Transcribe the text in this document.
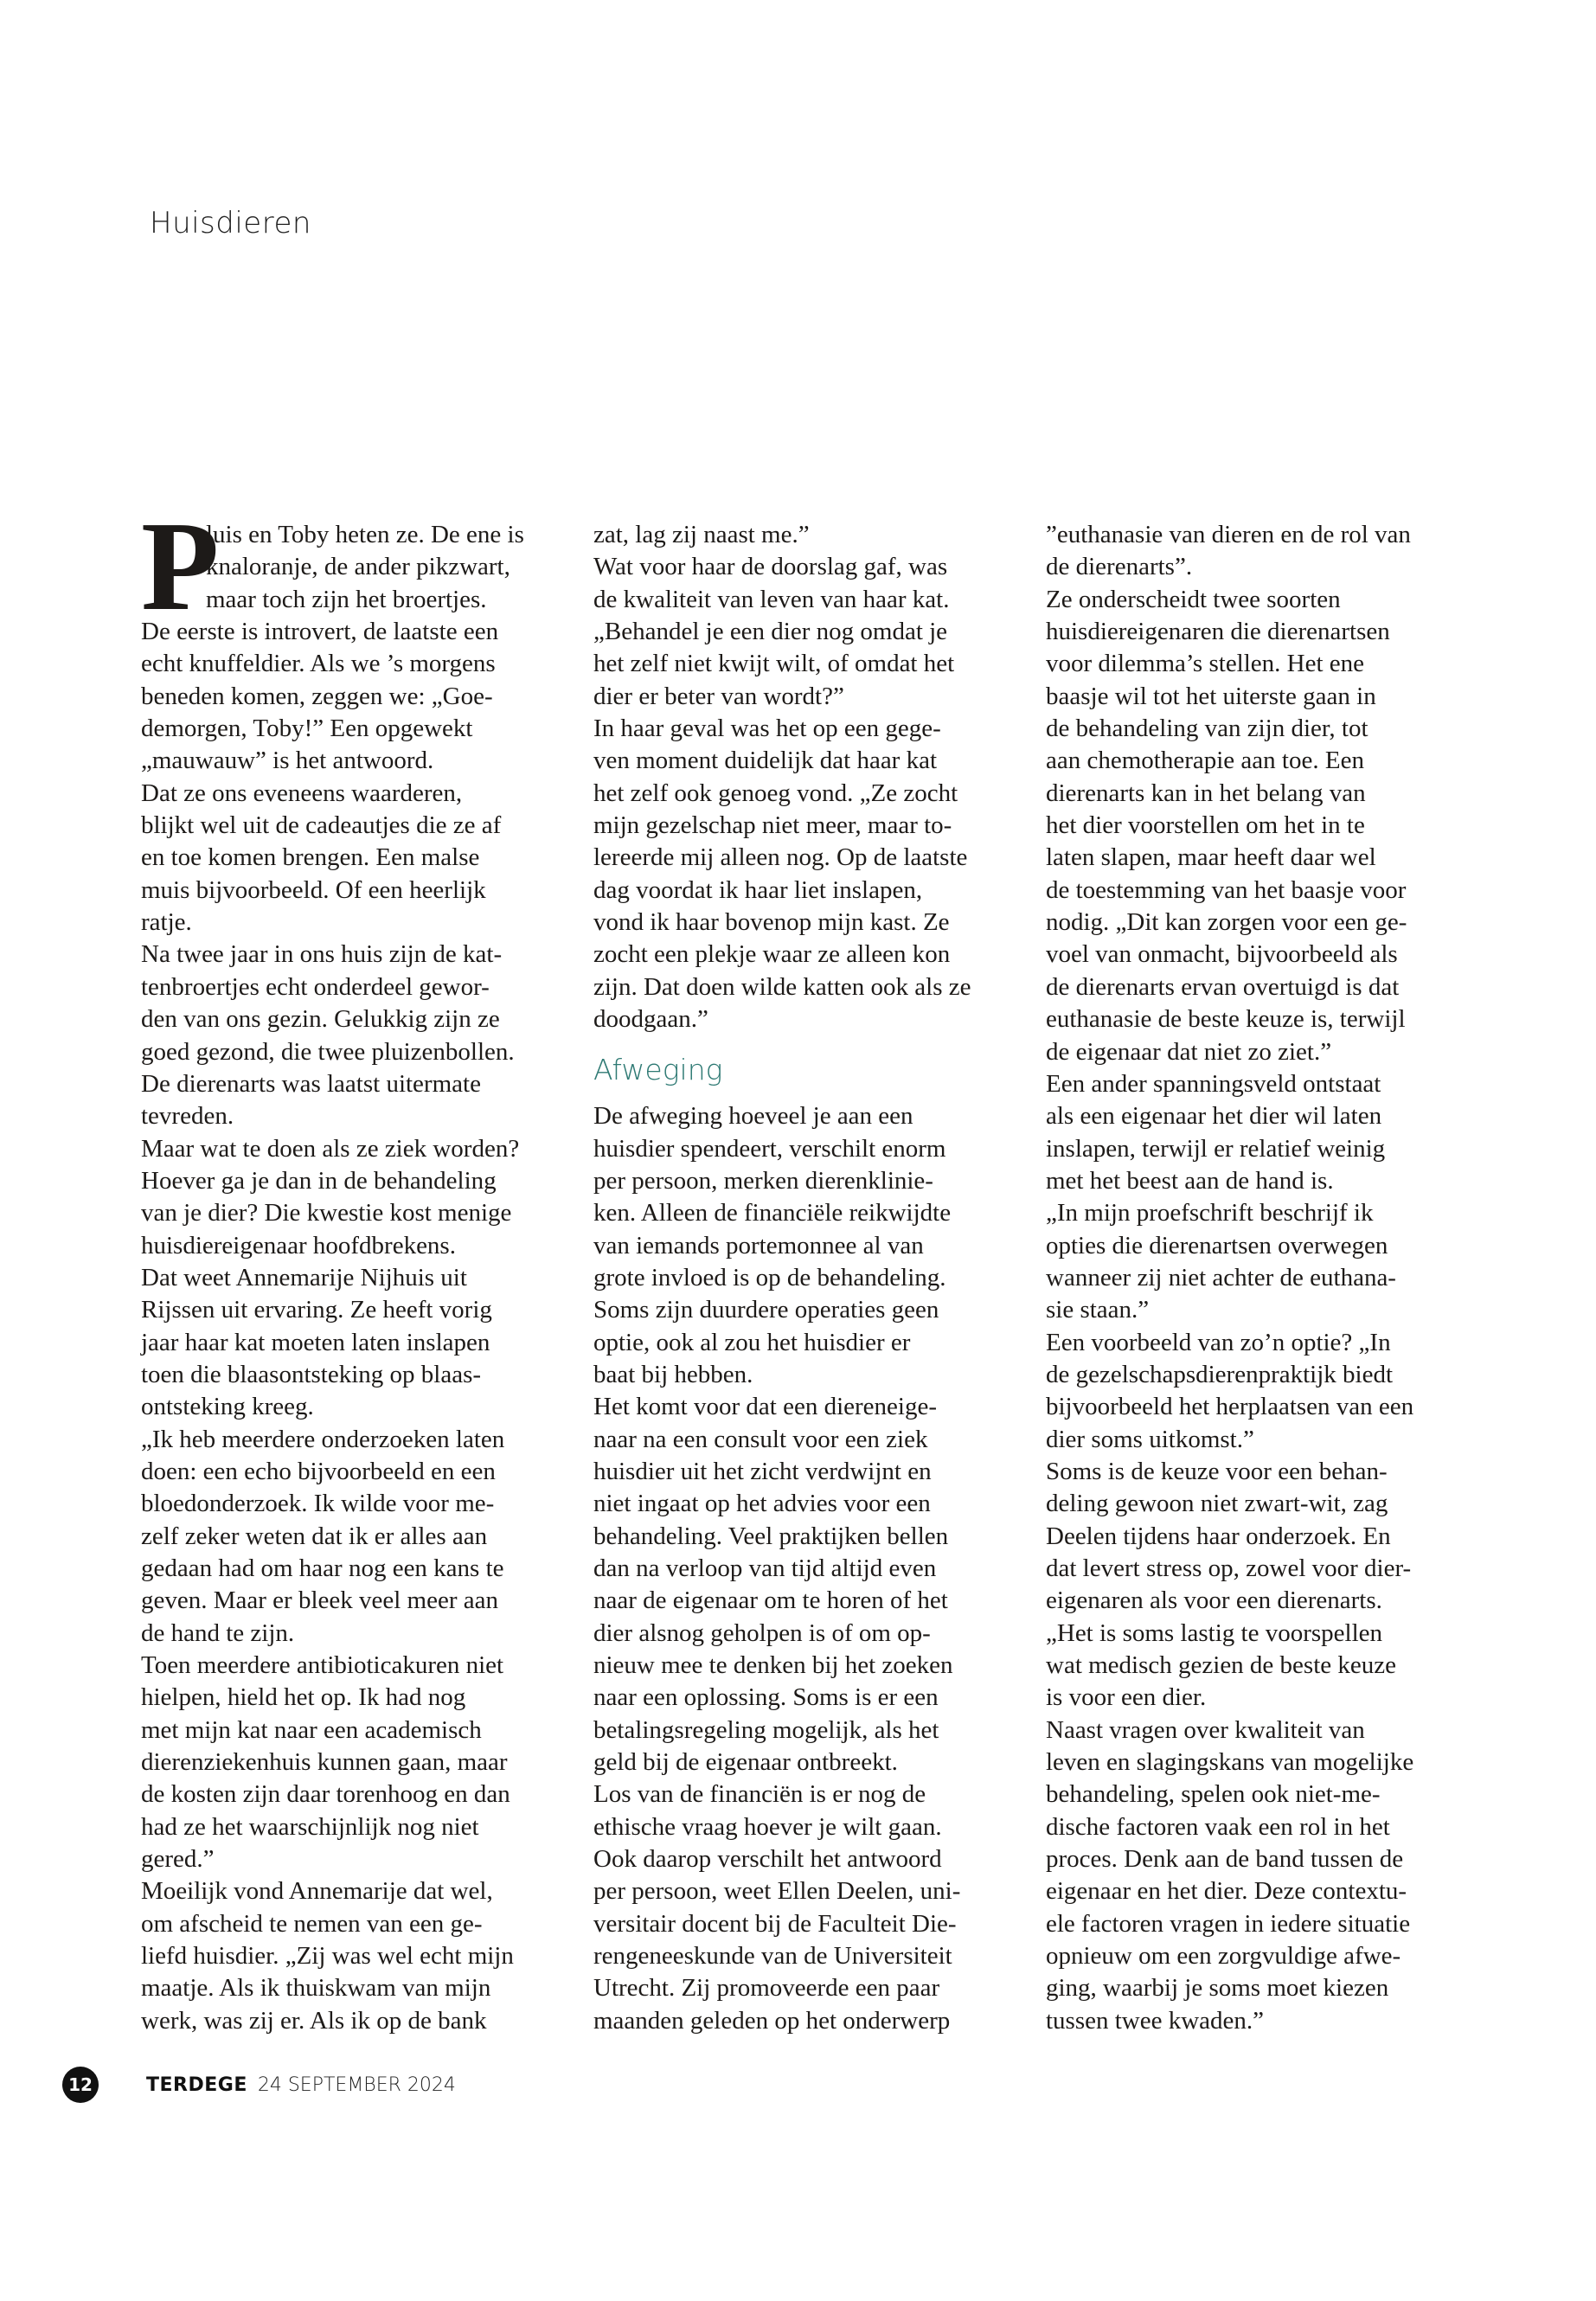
Huisdieren
P
luis en Toby heten ze. De ene is
knaloranje, de ander pikzwart,
maar toch zijn het broertjes.
De eerste is introvert, de laatste een
echt knuffeldier. Als we ’s morgens
beneden komen, zeggen we: „Goe-
demorgen, Toby!” Een opgewekt
„mauwauw” is het antwoord.
Dat ze ons eveneens waarderen,
blijkt wel uit de cadeautjes die ze af
en toe komen brengen. Een malse
muis bijvoorbeeld. Of een heerlijk
ratje.
Na twee jaar in ons huis zijn de kat-
tenbroertjes echt onderdeel gewor-
den van ons gezin. Gelukkig zijn ze
goed gezond, die twee pluizenbollen.
De dierenarts was laatst uitermate
tevreden.
Maar wat te doen als ze ziek worden?
Hoever ga je dan in de behandeling
van je dier? Die kwestie kost menige
huisdiereigenaar hoofdbrekens.
Dat weet Annemarije Nijhuis uit
Rijssen uit ervaring. Ze heeft vorig
jaar haar kat moeten laten inslapen
toen die blaasontsteking op blaas-
ontsteking kreeg.
„Ik heb meerdere onderzoeken laten
doen: een echo bijvoorbeeld en een
bloedonderzoek. Ik wilde voor me-
zelf zeker weten dat ik er alles aan
gedaan had om haar nog een kans te
geven. Maar er bleek veel meer aan
de hand te zijn.
Toen meerdere antibioticakuren niet
hielpen, hield het op. Ik had nog
met mijn kat naar een academisch
dierenziekenhuis kunnen gaan, maar
de kosten zijn daar torenhoog en dan
had ze het waarschijnlijk nog niet
gered.”
Moeilijk vond Annemarije dat wel,
om afscheid te nemen van een ge-
liefd huisdier. „Zij was wel echt mijn
maatje. Als ik thuiskwam van mijn
werk, was zij er. Als ik op de bank
zat, lag zij naast me.”
Wat voor haar de doorslag gaf, was
de kwaliteit van leven van haar kat.
„Behandel je een dier nog omdat je
het zelf niet kwijt wilt, of omdat het
dier er beter van wordt?”
In haar geval was het op een gege-
ven moment duidelijk dat haar kat
het zelf ook genoeg vond. „Ze zocht
mijn gezelschap niet meer, maar to-
lereerde mij alleen nog. Op de laatste
dag voordat ik haar liet inslapen,
vond ik haar bovenop mijn kast. Ze
zocht een plekje waar ze alleen kon
zijn. Dat doen wilde katten ook als ze
doodgaan.”
Afweging
De afweging hoeveel je aan een
huisdier spendeert, verschilt enorm
per persoon, merken dierenklinie-
ken. Alleen de financiële reikwijdte
van iemands portemonnee al van
grote invloed is op de behandeling.
Soms zijn duurdere operaties geen
optie, ook al zou het huisdier er
baat bij hebben.
Het komt voor dat een diereneige-
naar na een consult voor een ziek
huisdier uit het zicht verdwijnt en
niet ingaat op het advies voor een
behandeling. Veel praktijken bellen
dan na verloop van tijd altijd even
naar de eigenaar om te horen of het
dier alsnog geholpen is of om op-
nieuw mee te denken bij het zoeken
naar een oplossing. Soms is er een
betalingsregeling mogelijk, als het
geld bij de eigenaar ontbreekt.
Los van de financiën is er nog de
ethische vraag hoever je wilt gaan.
Ook daarop verschilt het antwoord
per persoon, weet Ellen Deelen, uni-
versitair docent bij de Faculteit Die-
rengeneeskunde van de Universiteit
Utrecht. Zij promoveerde een paar
maanden geleden op het onderwerp
”euthanasie van dieren en de rol van
de dierenarts”.
Ze onderscheidt twee soorten
huisdiereigenaren die dierenartsen
voor dilemma’s stellen. Het ene
baasje wil tot het uiterste gaan in
de behandeling van zijn dier, tot
aan chemotherapie aan toe. Een
dierenarts kan in het belang van
het dier voorstellen om het in te
laten slapen, maar heeft daar wel
de toestemming van het baasje voor
nodig. „Dit kan zorgen voor een ge-
voel van onmacht, bijvoorbeeld als
de dierenarts ervan overtuigd is dat
euthanasie de beste keuze is, terwijl
de eigenaar dat niet zo ziet.”
Een ander spanningsveld ontstaat
als een eigenaar het dier wil laten
inslapen, terwijl er relatief weinig
met het beest aan de hand is.
„In mijn proefschrift beschrijf ik
opties die dierenartsen overwegen
wanneer zij niet achter de euthana-
sie staan.”
Een voorbeeld van zo’n optie? „In
de gezelschapsdierenpraktijk biedt
bijvoorbeeld het herplaatsen van een
dier soms uitkomst.”
Soms is de keuze voor een behan-
deling gewoon niet zwart-wit, zag
Deelen tijdens haar onderzoek. En
dat levert stress op, zowel voor dier-
eigenaren als voor een dierenarts.
„Het is soms lastig te voorspellen
wat medisch gezien de beste keuze
is voor een dier.
Naast vragen over kwaliteit van
leven en slagingskans van mogelijke
behandeling, spelen ook niet-me-
dische factoren vaak een rol in het
proces. Denk aan de band tussen de
eigenaar en het dier. Deze contextu-
ele factoren vragen in iedere situatie
opnieuw om een zorgvuldige afwe-
ging, waarbij je soms moet kiezen
tussen twee kwaden.”
12	TERDEGE 24 SEPTEMBER 2024
